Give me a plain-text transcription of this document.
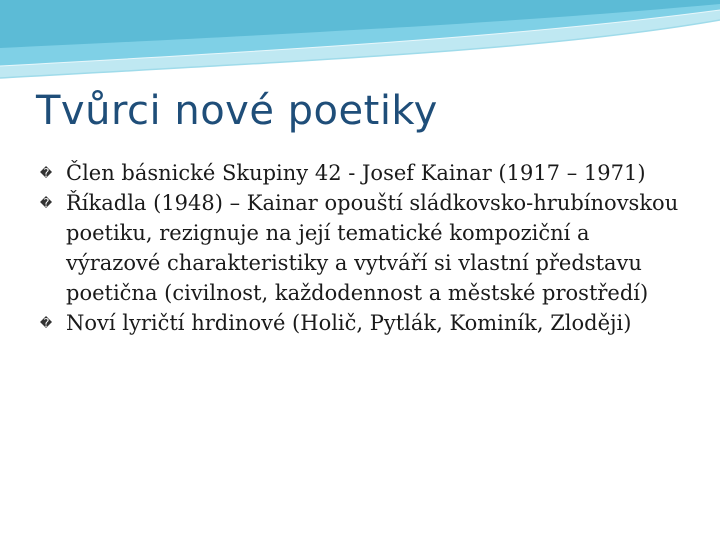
Tvůrci nové poetiky
� Člen básnické Skupiny 42 - Josef Kainar (1917 – 1971)
� Říkadla (1948) – Kainar opouští sládkovsko-hrubínovskou poetiku, rezignuje na její tematické kompoziční a výrazové charakteristiky a vytváří si vlastní představu poetična (civilnost, každodennost a městské prostředí)
� Noví lyričtí hrdinové (Holič, Pytlák, Kominík, Zloději)
